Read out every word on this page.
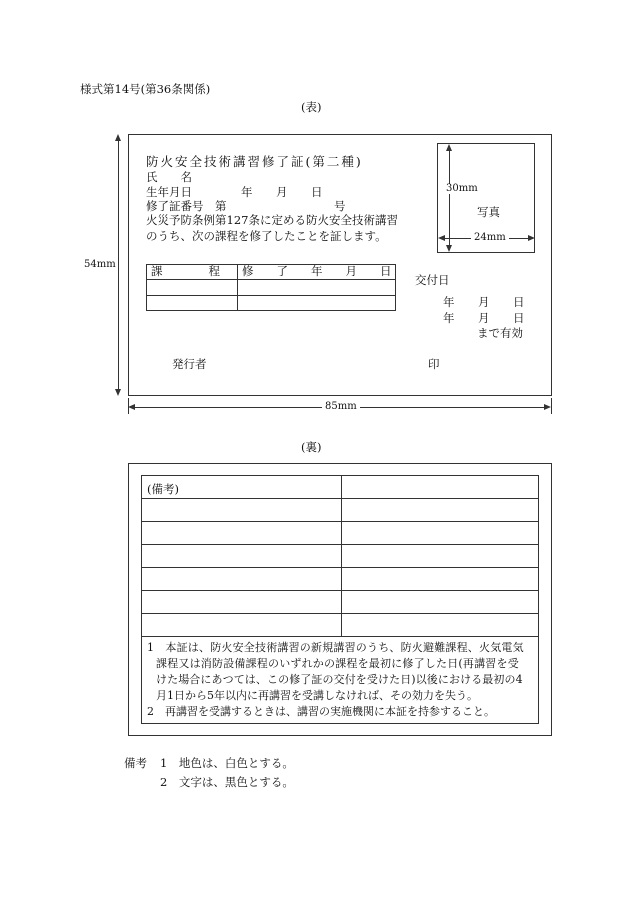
様式第14号(第36条関係)
(表)
防火安全技術講習修了証(第二種)
氏　　名
生年月日	年 月 日
修了証番号　第	号
火災予防条例第127条に定める防火安全技術講習
のうち、次の課程を修了したことを証します。
課　　　　程 修　　了　　年　　月　　日
30mm
写真
24mm
交付日
年 月 日
年 月 日
まで有効
発行者	印
54mm
85mm
(裏)
(備考)
1　本証は、防火安全技術講習の新規講習のうち、防火避難課程、火気電気
課程又は消防設備課程のいずれかの課程を最初に修了した日(再講習を受
けた場合にあつては、この修了証の交付を受けた日)以後における最初の4
月1日から5年以内に再講習を受講しなければ、その効力を失う。
2　再講習を受講するときは、講習の実施機関に本証を持参すること。
備考 1　地色は、白色とする。
2　文字は、黒色とする。
